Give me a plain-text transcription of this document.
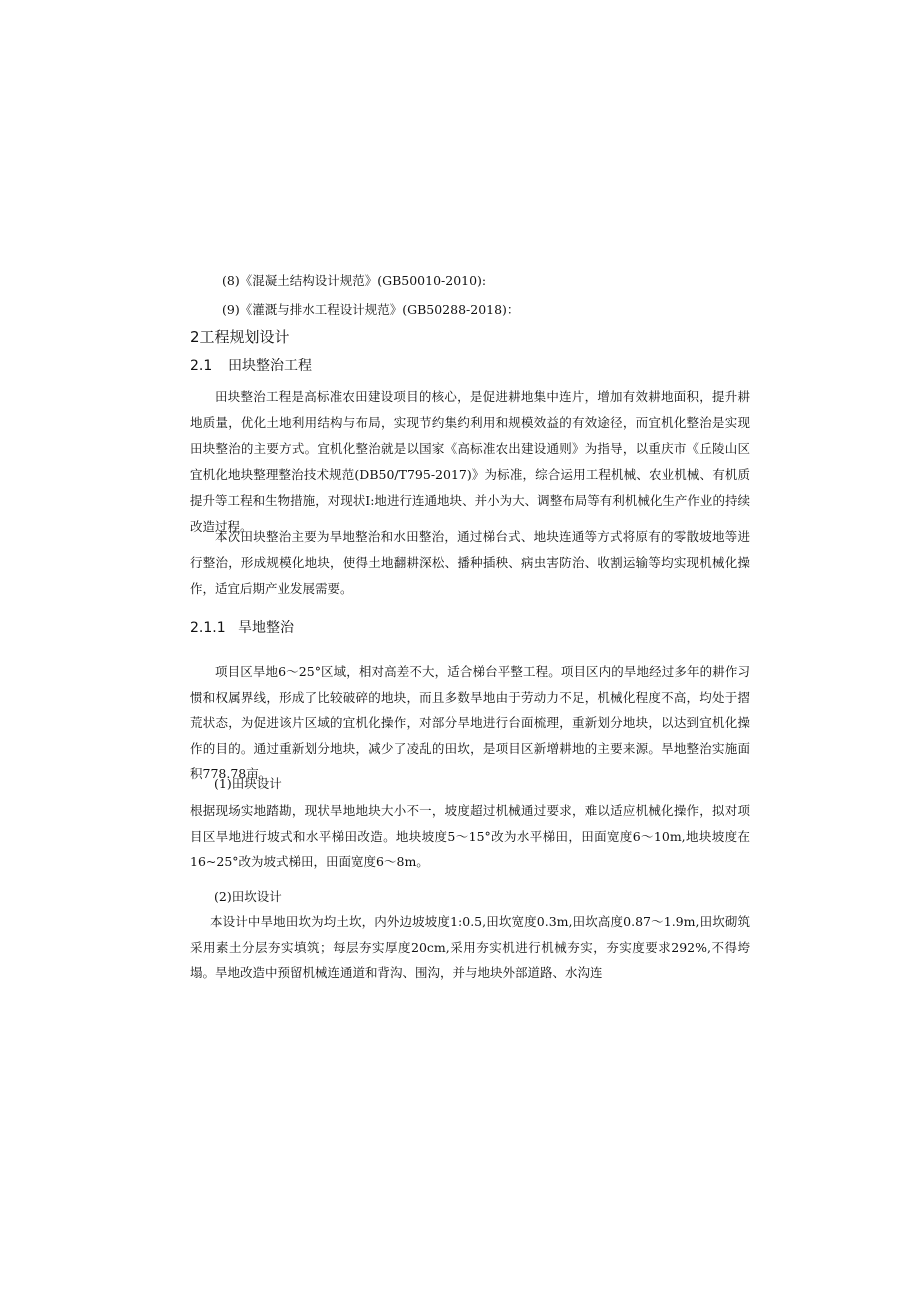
(8)《混凝土结构设计规范》(GB50010-2010):
(9)《灌溉与排水工程设计规范》(GB50288-2018)：
2工程规划设计
2.1 田块整治工程

田块整治工程是高标准农田建设项目的核心，是促进耕地集中连片，增加有效耕地面积，提升耕地质量，优化土地利用结构与布局，实现节约集约利用和规模效益的有效途径，而宜机化整治是实现田块整治的主要方式。宜机化整治就是以国家《高标准农出建设通则》为指导，以重庆市《丘陵山区宜机化地块整理整治技术规范(DB50/T795-2017)》为标准，综合运用工程机械、农业机械、有机质提升等工程和生物措施，对现状I:地进行连通地块、并小为大、调整布局等有利机械化生产作业的持续改造过程。

本次田块整治主要为旱地整治和水田整治，通过梯台式、地块连通等方式将原有的零散坡地等进行整治，形成规模化地块，使得土地翻耕深松、播种插秧、病虫害防治、收割运输等均实现机械化操作，适宜后期产业发展需要。

2.1.1 旱地整治

项目区旱地6～25°区域，相对高差不大，适合梯台平整工程。项目区内的旱地经过多年的耕作习惯和权属界线，形成了比较破碎的地块，而且多数旱地由于劳动力不足，机械化程度不高，均处于摺荒状态，为促进该片区域的宜机化操作，对部分旱地进行台面梳理，重新划分地块，以达到宜机化操作的目的。通过重新划分地块，减少了凌乱的田坎，是项目区新增耕地的主要来源。旱地整治实施面积778.78亩。

(1)田块设计

根据现场实地踏勘，现状旱地地块大小不一，坡度超过机械通过要求，难以适应机械化操作，拟对项目区旱地进行坡式和水平梯田改造。地块坡度5～15°改为水平梯田，田面宽度6～10m,地块坡度在16~25°改为坡式梯田，田面宽度6～8m。

(2)田坎设计

本设计中旱地田坎为均土坎，内外边坡坡度1:0.5,田坎宽度0.3m,田坎高度0.87～1.9m,田坎砌筑采用素土分层夯实填筑；每层夯实厚度20cm,采用夯实机进行机械夯实，夯实度要求292%,不得垮塌。旱地改造中预留机械连通道和背沟、围沟，并与地块外部道路、水沟连
